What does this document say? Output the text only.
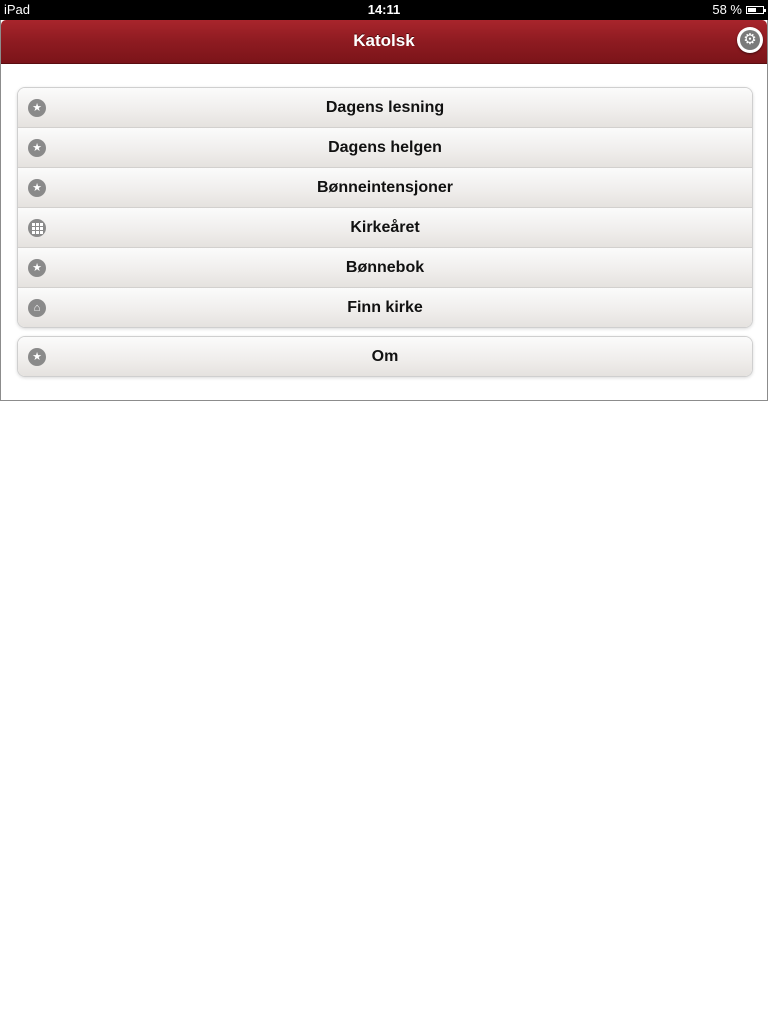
iPad	14:11	58 %
Katolsk	⚙
★	Dagens lesning
★	Dagens helgen
★	Bønneintensjoner
Kirkeåret
★	Bønnebok
⌂	Finn kirke
★	Om
